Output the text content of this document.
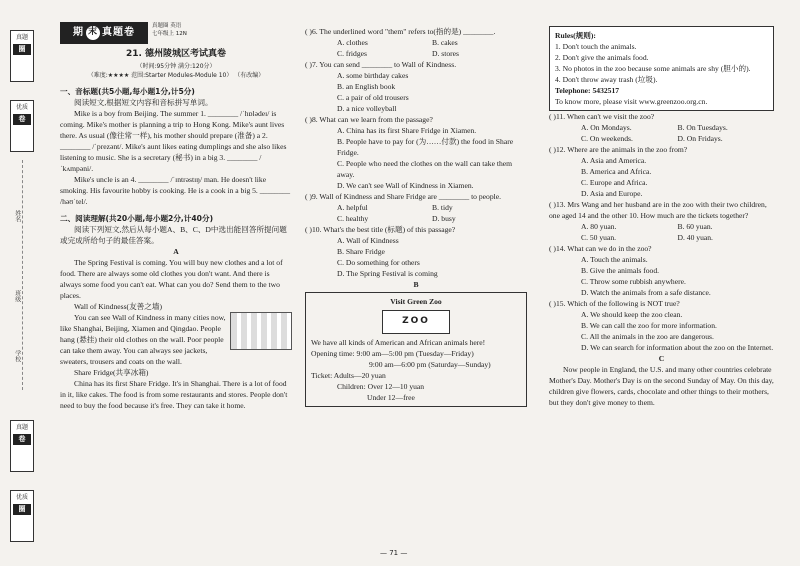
真题
圈
优质
卷
姓名
班级
学校
真题
卷
优质
圈
期 末 真题卷
真题圈 英语
七年级上 12N
21. 德州陵城区考试真卷
（时间:95分钟 满分:120分）
（难度:★★★★ 范围:Starter Modules-Module 10） （有改编）
一、音标题(共5小题,每小题1分,计5分)

阅读短文,根据短文内容和音标拼写单词。

Mike is a boy from Beijing. The summer 1. ________ /ˈhɒlədeɪ/ is coming. Mike's mother is planning a trip to Hong Kong. Mike's aunt lives there. As usual (像往常一样), his mother should prepare (准备) a 2. ________ /ˈprezənt/. Mike's aunt likes eating dumplings and she also likes listening to music. She is a secretary (秘书) in a big 3. ________ /ˈkʌmpəni/.

Mike's uncle is an 4. ________ /ˈɪntrəstɪŋ/ man. He doesn't like smoking. His favourite hobby is cooking. He is a cook in a big 5. ________ /həʊˈtel/.

二、阅读理解(共20小题,每小题2分,计40分)

阅读下列短文,然后从每小题A、B、C、D中选出能回答所提问题或完成所给句子的最佳答案。

A

The Spring Festival is coming. You will buy new clothes and a lot of food. There are always some old clothes you don't want. And there is always some food you can't eat. What can you do? Send them to the two places.

Wall of Kindness(友善之墙)

You can see Wall of Kindness in many cities now, like Shanghai, Beijing, Xiamen and Qingdao. People hang (悬挂) their old clothes on the wall. Poor people can take them away. You can always see jackets, sweaters, trousers and coats on the wall.

Share Fridge(共享冰箱)

China has its first Share Fridge. It's in Shanghai. There is a lot of food in it, like cakes. The food is from some restaurants and stores. People don't need to buy the food because it's free. They can take it home.

( )6. The underlined word "them" refers to(指的是) ________.

A. clothes	B. cakes
C. fridges	D. stores

( )7. You can send ________ to Wall of Kindness.

A. some birthday cakes
B. an English book
C. a pair of old trousers
D. a nice volleyball

( )8. What can we learn from the passage?

A. China has its first Share Fridge in Xiamen.
B. People have to pay for (为……付款) the food in Share Fridge.
C. People who need the clothes on the wall can take them away.
D. We can't see Wall of Kindness in Xiamen.

( )9. Wall of Kindness and Share Fridge are ________ to people.

A. helpful	B. tidy
C. healthy	D. busy

( )10. What's the best title (标题) of this passage?

A. Wall of Kindness
B. Share Fridge
C. Do something for others
D. The Spring Festival is coming

B

Visit Green Zoo
ZOO
We have all kinds of American and African animals here!
Opening time: 9:00 am—5:00 pm (Tuesday—Friday)
9:00 am—6:00 pm (Saturday—Sunday)
Ticket: Adults—20 yuan
Children: Over 12—10 yuan
Under 12—free
Rules(规则):
1. Don't touch the animals.
2. Don't give the animals food.
3. No photos in the zoo because some animals are shy (胆小的).
4. Don't throw away trash (垃圾).
Telephone: 5432517
To know more, please visit www.greenzoo.org.cn.

( )11. When can't we visit the zoo?

A. On Mondays.	B. On Tuesdays.
C. On weekends.	D. On Fridays.

( )12. Where are the animals in the zoo from?

A. Asia and America.
B. America and Africa.
C. Europe and Africa.
D. Asia and Europe.

( )13. Mrs Wang and her husband are in the zoo with their two children, one aged 14 and the other 10. How much are the tickets together?

A. 80 yuan.	B. 60 yuan.
C. 50 yuan.	D. 40 yuan.

( )14. What can we do in the zoo?

A. Touch the animals.
B. Give the animals food.
C. Throw some rubbish anywhere.
D. Watch the animals from a safe distance.

( )15. Which of the following is NOT true?

A. We should keep the zoo clean.
B. We can call the zoo for more information.
C. All the animals in the zoo are dangerous.
D. We can search for information about the zoo on the Internet.

C

Now people in England, the U.S. and many other countries celebrate Mother's Day. Mother's Day is on the second Sunday of May. On this day, children give flowers, cards, chocolate and other things to their mothers, but they don't give money to them.

— 71 —
